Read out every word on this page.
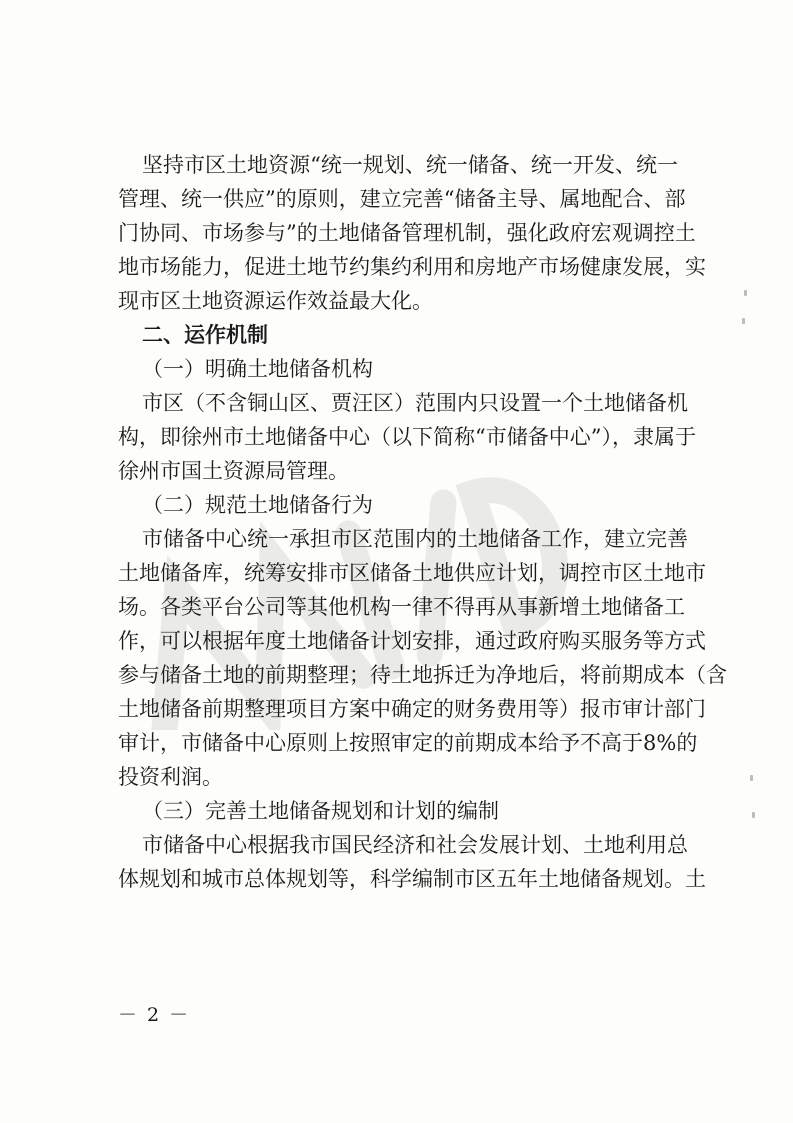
坚持市区土地资源“统一规划、统一储备、统一开发、统一
管理、统一供应”的原则，建立完善“储备主导、属地配合、部
门协同、市场参与”的土地储备管理机制，强化政府宏观调控土
地市场能力，促进土地节约集约利用和房地产市场健康发展，实
现市区土地资源运作效益最大化。
二、运作机制
（一）明确土地储备机构
市区（不含铜山区、贾汪区）范围内只设置一个土地储备机
构，即徐州市土地储备中心（以下简称“市储备中心”），隶属于
徐州市国土资源局管理。
（二）规范土地储备行为
市储备中心统一承担市区范围内的土地储备工作，建立完善
土地储备库，统筹安排市区储备土地供应计划，调控市区土地市
场。各类平台公司等其他机构一律不得再从事新增土地储备工
作，可以根据年度土地储备计划安排，通过政府购买服务等方式
参与储备土地的前期整理；待土地拆迁为净地后，将前期成本（含
土地储备前期整理项目方案中确定的财务费用等）报市审计部门
审计，市储备中心原则上按照审定的前期成本给予不高于8%的
投资利润。
（三）完善土地储备规划和计划的编制
市储备中心根据我市国民经济和社会发展计划、土地利用总
体规划和城市总体规划等，科学编制市区五年土地储备规划。土
－ 2 －
